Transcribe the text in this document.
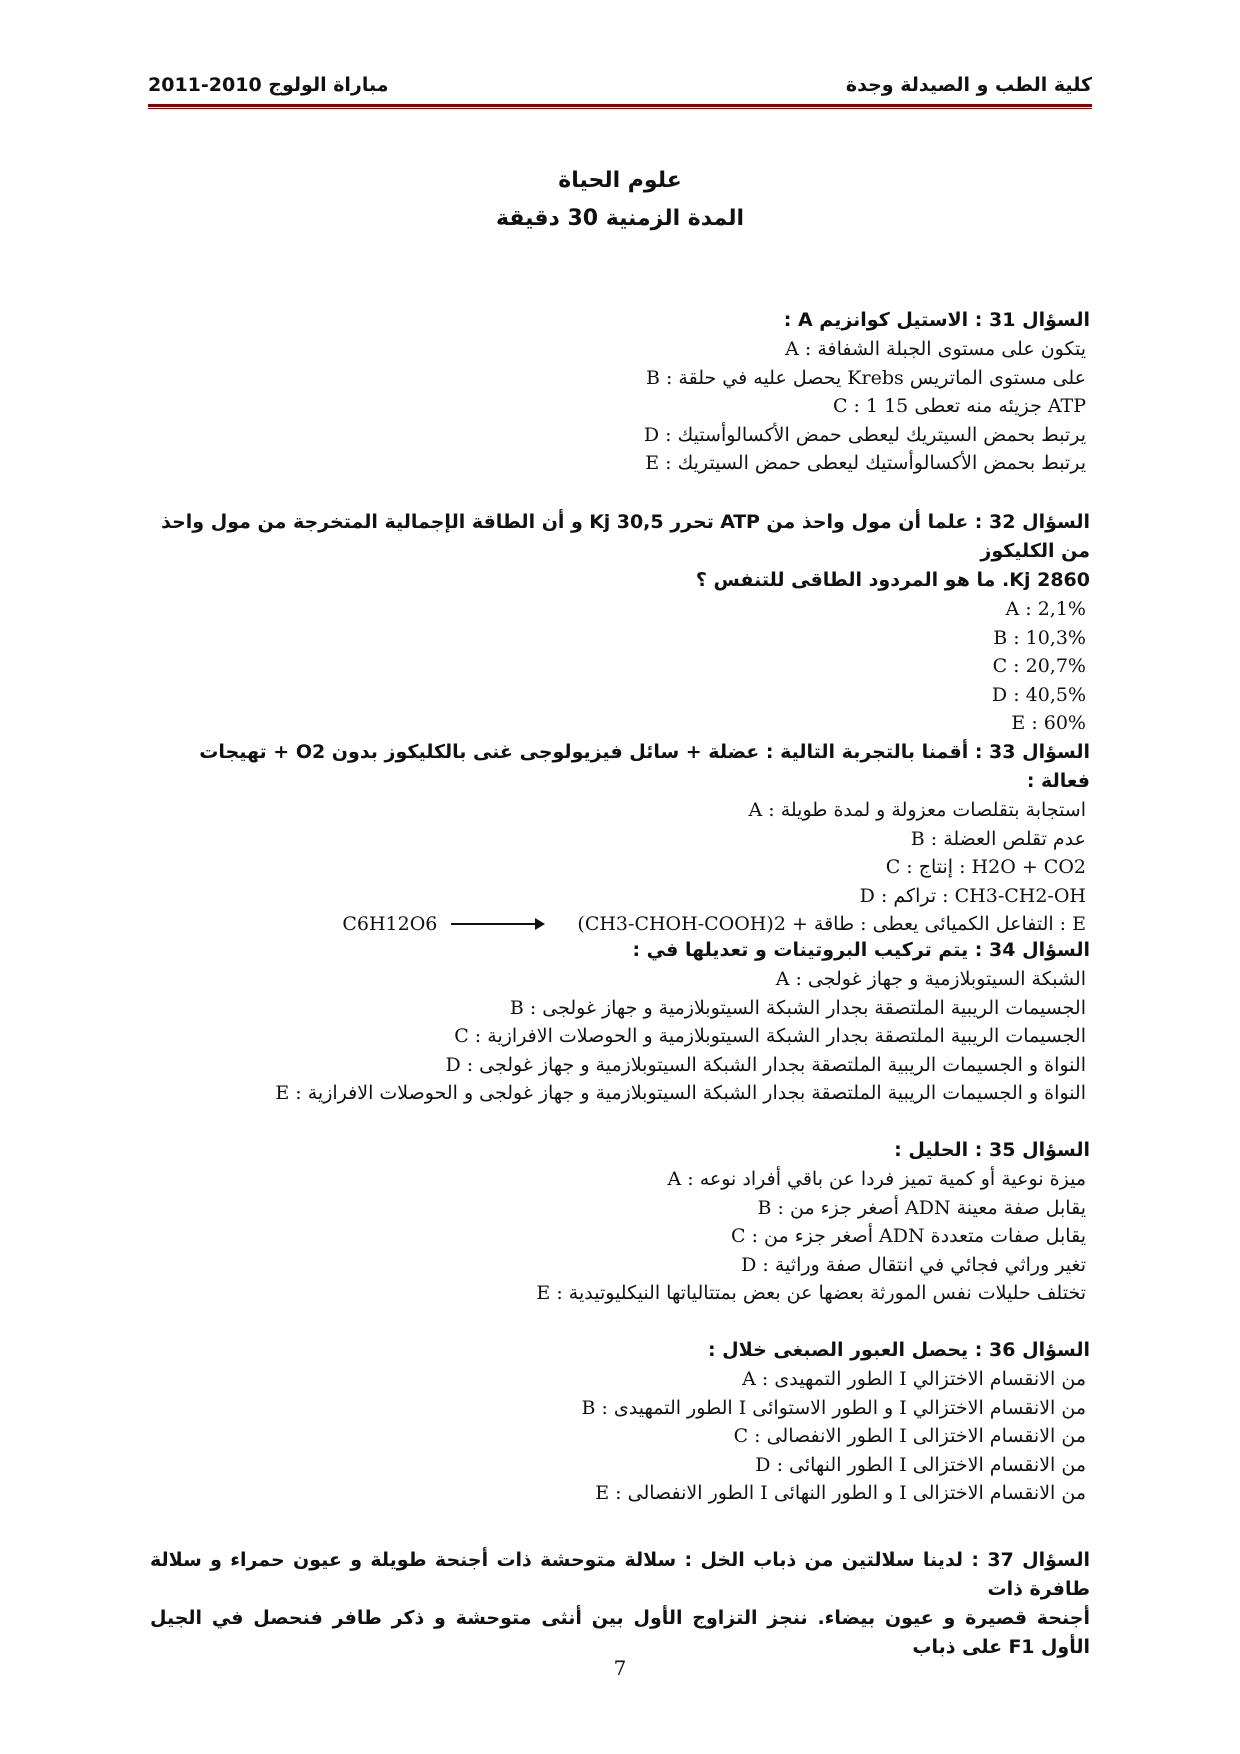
مباراة الولوج 2010-2011	كلية الطب و الصيدلة وجدة
علوم الحياة
المدة الزمنية 30 دقيقة

السؤال 31 : الاستيل كوانزيم A :

A : يتكون على مستوى الجبلة الشفافة

B : يحصل عليه في حلقة Krebs على مستوى الماتريس

C : 1 جزيئه منه تعطى 15 ATP

D : يرتبط بحمض السيتريك ليعطى حمض الأكسالوأستيك

E : يرتبط بحمض الأكسالوأستيك ليعطى حمض السيتريك

السؤال 32 : علما أن مول واحذ من ATP تحرر 30,5 Kj و أن الطاقة الإجمالية المتخرجة من مول واحذ من الكليكوز

2860 Kj. ما هو المردود الطاقى للتنفس ؟

A : 2,1%

B : 10,3%

C : 20,7%

D : 40,5%

E : 60%

السؤال 33 : أقمنا بالتجربة التالية : عضلة + سائل فيزيولوجى غنى بالكليكوز بدون O2 + تهيجات فعالة :

A : استجابة بتقلصات معزولة و لمدة طويلة

B : عدم تقلص العضلة

C : إنتاج : H2O + CO2

D : تراكم : CH3-CH2-OH

E : التفاعل الكميائى يعطى : طاقة + 2(CH3-CHOH-COOH)
C6H12O6

السؤال 34 : يتم تركيب البروتينات و تعديلها في :

A : الشبكة السيتوبلازمية و جهاز غولجى

B : الجسيمات الريبية الملتصقة بجدار الشبكة السيتوبلازمية و جهاز غولجى

C : الجسيمات الريبية الملتصقة بجدار الشبكة السيتوبلازمية و الحوصلات الافرازية

D : النواة و الجسيمات الريبية الملتصقة بجدار الشبكة السيتوبلازمية و جهاز غولجى

E : النواة و الجسيمات الريبية الملتصقة بجدار الشبكة السيتوبلازمية و جهاز غولجى و الحوصلات الافرازية

السؤال 35 : الحليل :

A : ميزة نوعية أو كمية تميز فردا عن باقي أفراد نوعه

B : أصغر جزء من ADN يقابل صفة معينة

C : أصغر جزء من ADN يقابل صفات متعددة

D : تغير وراثي فجائي في انتقال صفة وراثية

E : تختلف حليلات نفس المورثة بعضها عن بعض بمتتالياتها النيكليوتيدية

السؤال 36 : يحصل العبور الصبغى خلال :

A : الطور التمهيدى I من الانقسام الاختزالي

B : الطور التمهيدى I و الطور الاستوائى I من الانقسام الاختزالي

C : الطور الانفصالى I من الانقسام الاختزالى

D : الطور النهائى I من الانقسام الاختزالى

E : الطور الانفصالى I و الطور النهائى I من الانقسام الاختزالى

السؤال 37 : لدينا سلالتين من ذباب الخل : سلالة متوحشة ذات أجنحة طويلة و عيون حمراء و سلالة طافرة ذات

أجنحة قصيرة و عيون بيضاء. ننجز التزاوج الأول بين أنثى متوحشة و ذكر طافر فنحصل في الجيل الأول F1 على ذباب

7
